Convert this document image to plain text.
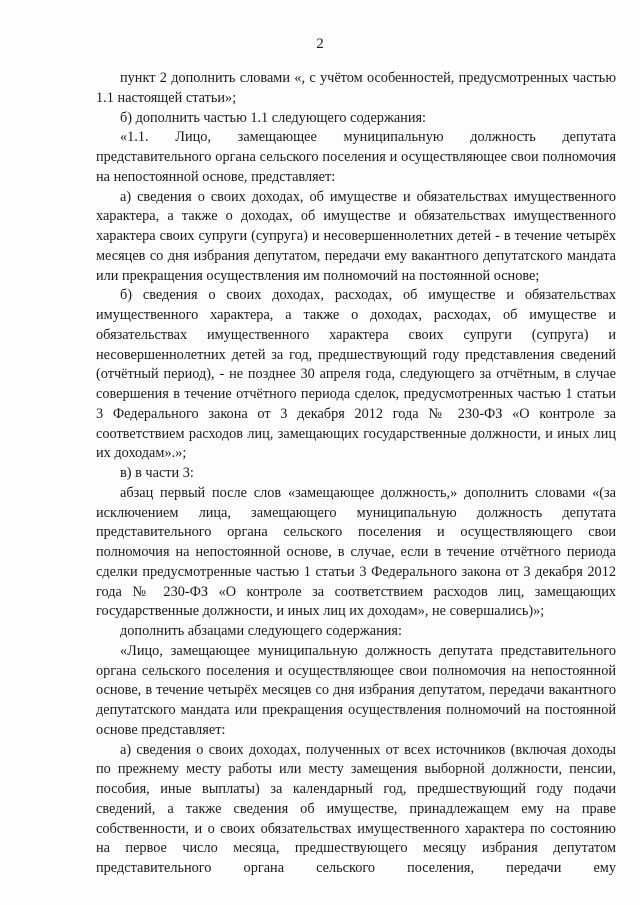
2

пункт 2 дополнить словами «, с учётом особенностей, предусмотренных частью 1.1 настоящей статьи»;

б) дополнить частью 1.1 следующего содержания:

«1.1. Лицо, замещающее муниципальную должность депутата представительного органа сельского поселения и осуществляющее свои полномочия на непостоянной основе, представляет:

а) сведения о своих доходах, об имуществе и обязательствах имущественного характера, а также о доходах, об имуществе и обязательствах имущественного характера своих супруги (супруга) и несовершеннолетних детей - в течение четырёх месяцев со дня избрания депутатом, передачи ему вакантного депутатского мандата или прекращения осуществления им полномочий на постоянной основе;

б) сведения о своих доходах, расходах, об имуществе и обязательствах имущественного характера, а также о доходах, расходах, об имуществе и обязательствах имущественного характера своих супруги (супруга) и несовершеннолетних детей за год, предшествующий году представления сведений (отчётный период), - не позднее 30 апреля года, следующего за отчётным, в случае совершения в течение отчётного периода сделок, предусмотренных частью 1 статьи 3 Федерального закона от 3 декабря 2012 года № 230-ФЗ «О контроле за соответствием расходов лиц, замещающих государственные должности, и иных лиц их доходам».»;

в) в части 3:

абзац первый после слов «замещающее должность,» дополнить словами «(за исключением лица, замещающего муниципальную должность депутата представительного органа сельского поселения и осуществляющего свои полномочия на непостоянной основе, в случае, если в течение отчётного периода сделки предусмотренные частью 1 статьи 3 Федерального закона от 3 декабря 2012 года № 230-ФЗ «О контроле за соответствием расходов лиц, замещающих государственные должности, и иных лиц их доходам», не совершались)»;

дополнить абзацами следующего содержания:

«Лицо, замещающее муниципальную должность депутата представительного органа сельского поселения и осуществляющее свои полномочия на непостоянной основе, в течение четырёх месяцев со дня избрания депутатом, передачи вакантного депутатского мандата или прекращения осуществления полномочий на постоянной основе представляет:

а) сведения о своих доходах, полученных от всех источников (включая доходы по прежнему месту работы или месту замещения выборной должности, пенсии, пособия, иные выплаты) за календарный год, предшествующий году подачи сведений, а также сведения об имуществе, принадлежащем ему на праве собственности, и о своих обязательствах имущественного характера по состоянию на первое число месяца, предшествующего месяцу избрания депутатом представительного органа сельского поселения, передачи ему
